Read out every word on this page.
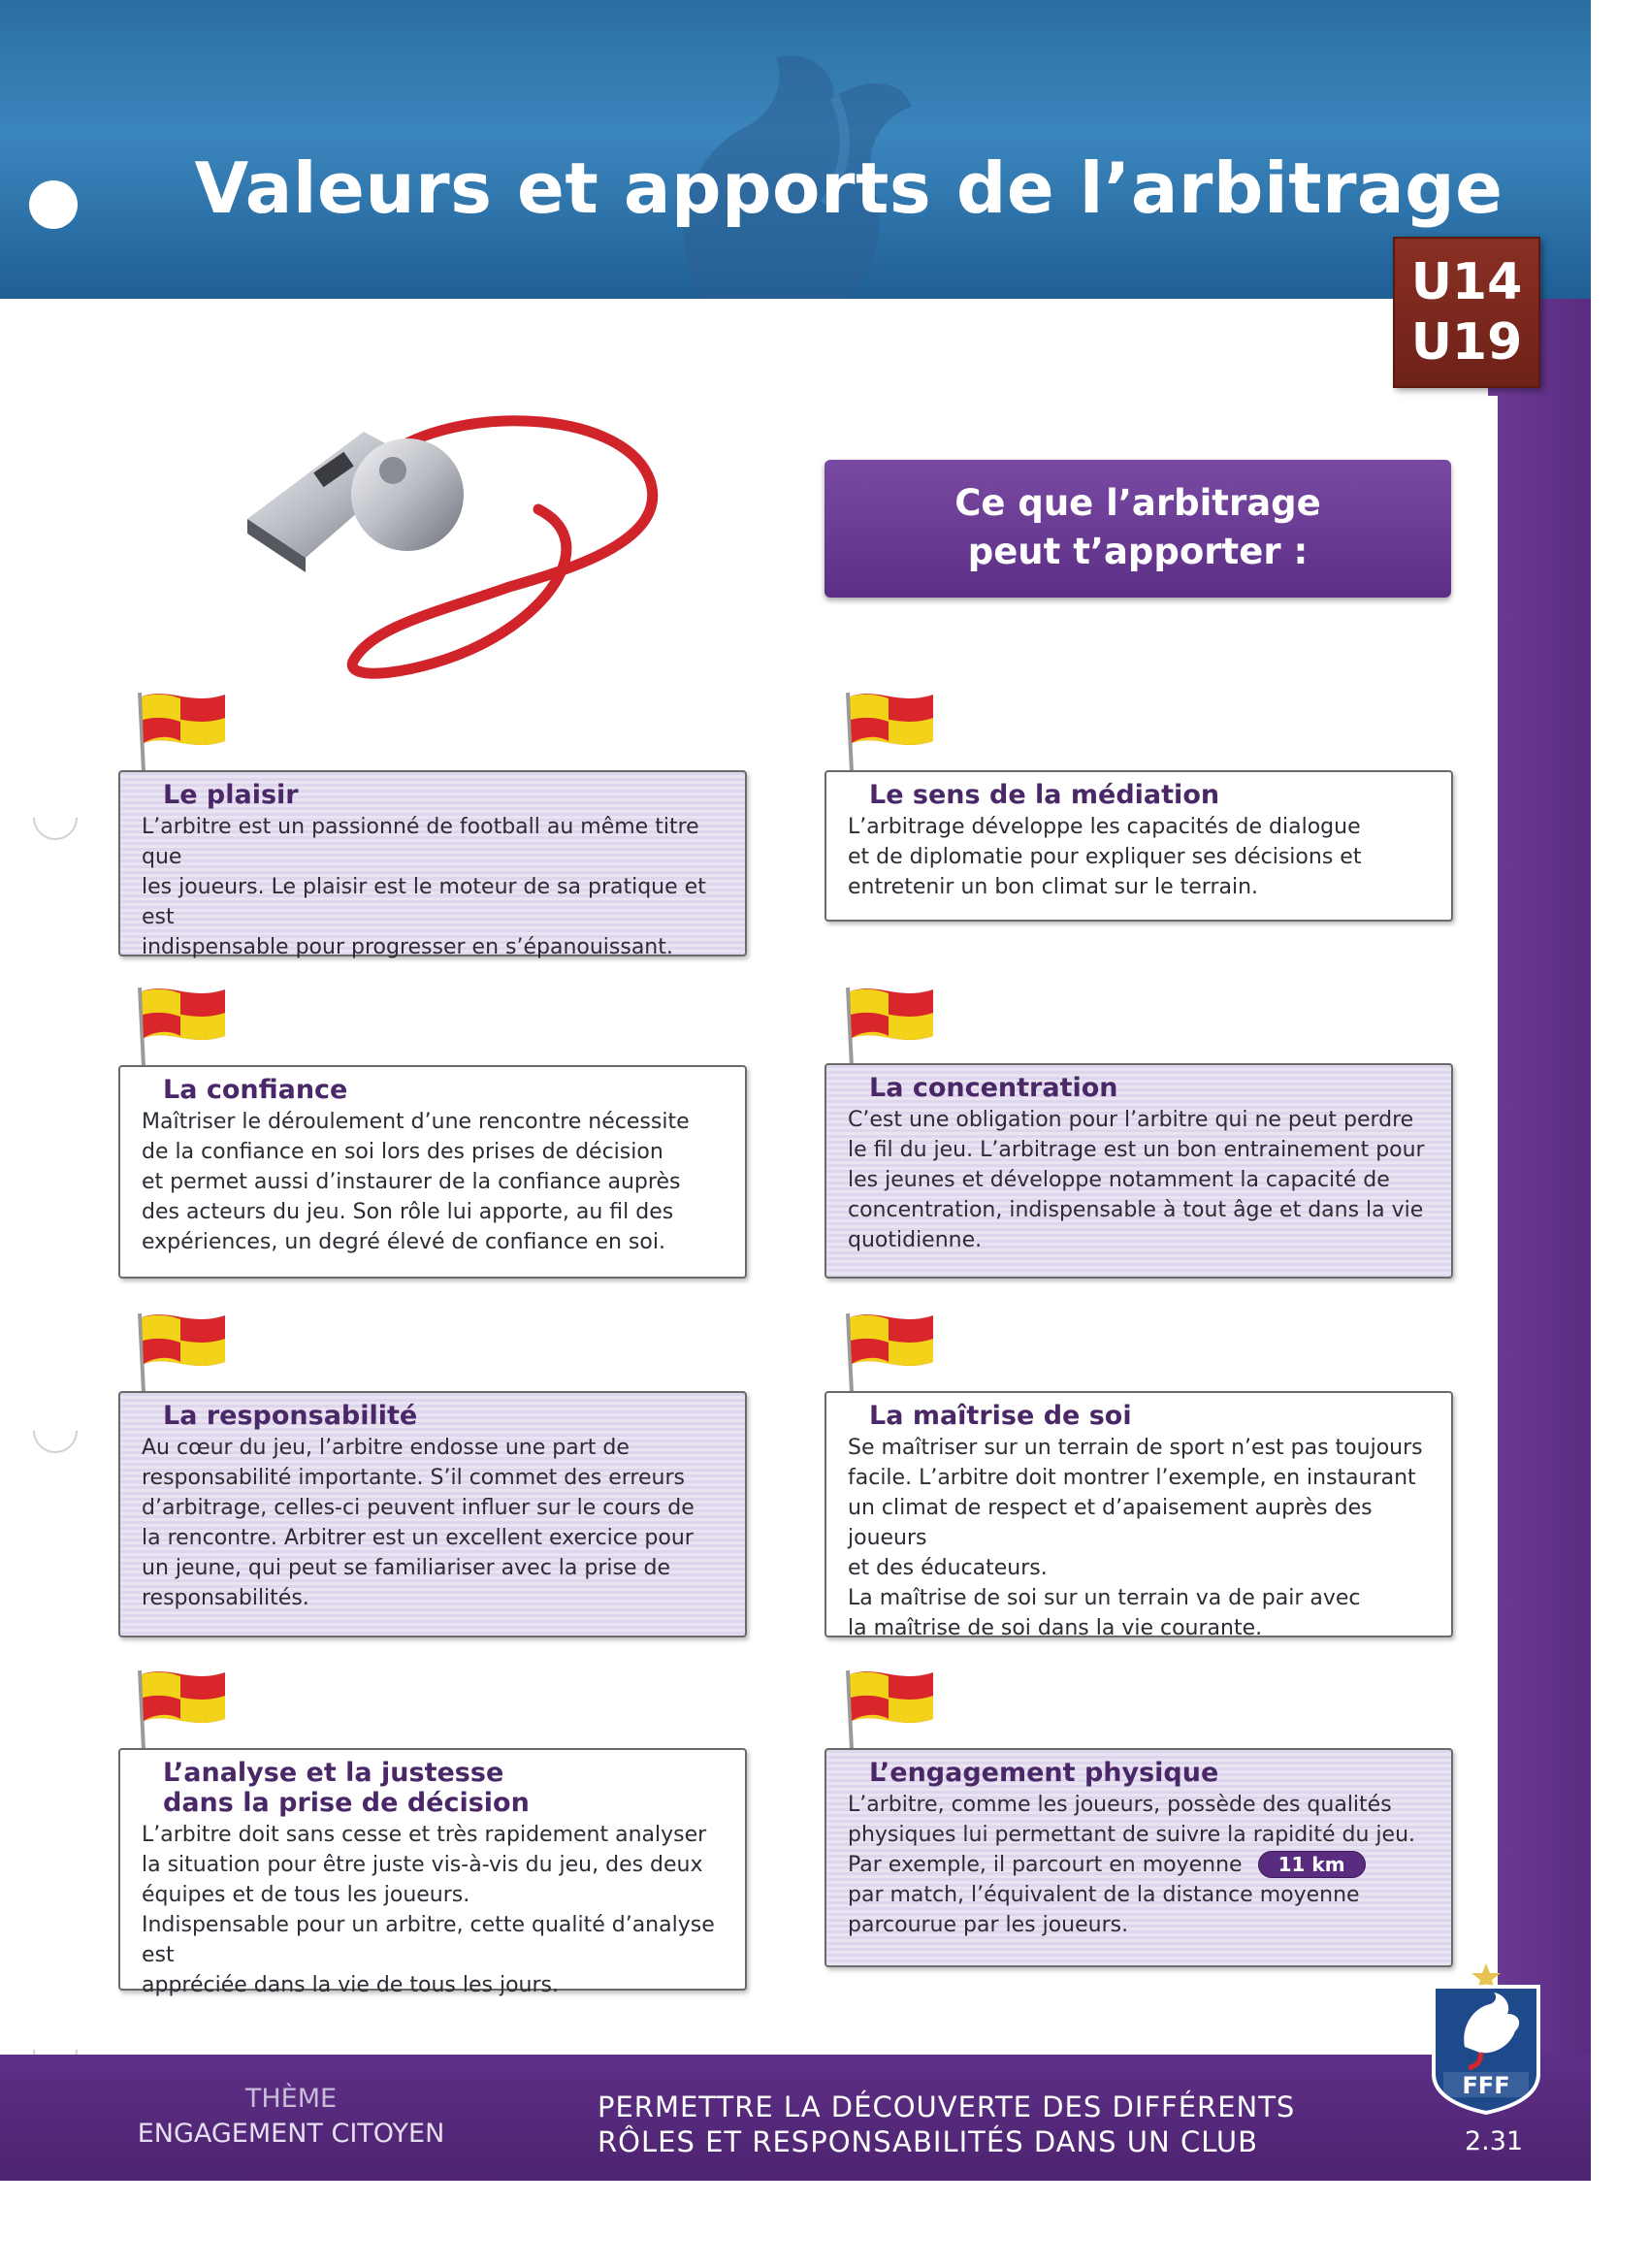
Valeurs et apports de l’arbitrage
U14
U19
Ce que l’arbitrage
peut t’apporter :
Le plaisir
L’arbitre est un passionné de football au même titre que
les joueurs. Le plaisir est le moteur de sa pratique et est
indispensable pour progresser en s’épanouissant.
Le sens de la médiation
L’arbitrage développe les capacités de dialogue
et de diplomatie pour expliquer ses décisions et
entretenir un bon climat sur le terrain.
La confiance
Maîtriser le déroulement d’une rencontre nécessite
de la confiance en soi lors des prises de décision
et permet aussi d’instaurer de la confiance auprès
des acteurs du jeu. Son rôle lui apporte, au fil des
expériences, un degré élevé de confiance en soi.
La concentration
C’est une obligation pour l’arbitre qui ne peut perdre
le fil du jeu. L’arbitrage est un bon entrainement pour
les jeunes et développe notamment la capacité de
concentration, indispensable à tout âge et dans la vie
quotidienne.
La responsabilité
Au cœur du jeu, l’arbitre endosse une part de
responsabilité importante. S’il commet des erreurs
d’arbitrage, celles-ci peuvent influer sur le cours de
la rencontre. Arbitrer est un excellent exercice pour
un jeune, qui peut se familiariser avec la prise de
responsabilités.
La maîtrise de soi
Se maîtriser sur un terrain de sport n’est pas toujours
facile. L’arbitre doit montrer l’exemple, en instaurant
un climat de respect et d’apaisement auprès des joueurs
et des éducateurs.
La maîtrise de soi sur un terrain va de pair avec
la maîtrise de soi dans la vie courante.
L’analyse et la justesse
dans la prise de décision
L’arbitre doit sans cesse et très rapidement analyser
la situation pour être juste vis-à-vis du jeu, des deux
équipes et de tous les joueurs.
Indispensable pour un arbitre, cette qualité d’analyse est
appréciée dans la vie de tous les jours.
L’engagement physique
L’arbitre, comme les joueurs, possède des qualités
physiques lui permettant de suivre la rapidité du jeu.
Par exemple, il parcourt en moyenne 11 km
par match, l’équivalent de la distance moyenne
parcourue par les joueurs.
THÈME
ENGAGEMENT CITOYEN
PERMETTRE LA DÉCOUVERTE DES DIFFÉRENTS
RÔLES ET RESPONSABILITÉS DANS UN CLUB
FFF
2.31
